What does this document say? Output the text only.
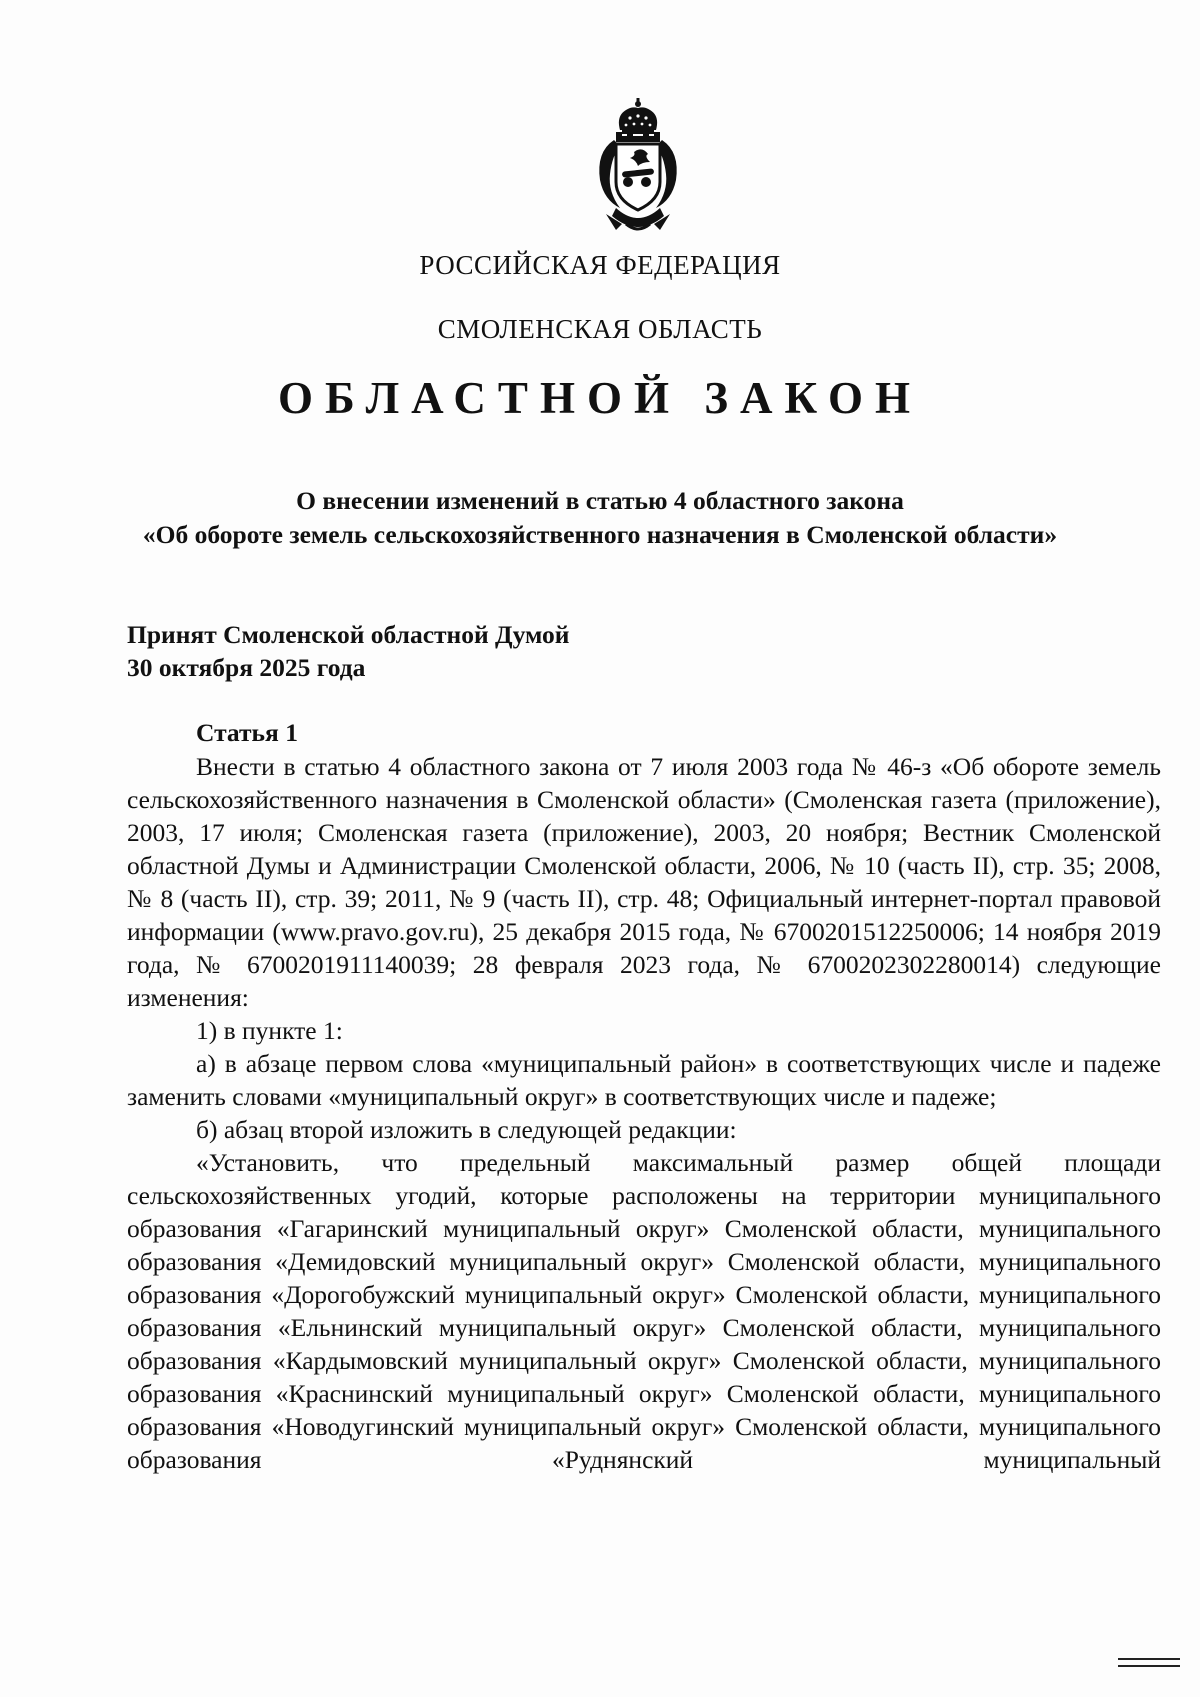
РОССИЙСКАЯ ФЕДЕРАЦИЯ
СМОЛЕНСКАЯ ОБЛАСТЬ
ОБЛАСТНОЙ ЗАКОН
О внесении изменений в статью 4 областного закона
«Об обороте земель сельскохозяйственного назначения в Смоленской области»
Принят Смоленской областной Думой
30 октября 2025 года
Статья 1

Внести в статью 4 областного закона от 7 июля 2003 года № 46-з «Об обороте земель сельскохозяйственного назначения в Смоленской области» (Смоленская газета (приложение), 2003, 17 июля; Смоленская газета (приложение), 2003, 20 ноября; Вестник Смоленской областной Думы и Администрации Смоленской области, 2006, № 10 (часть II), стр. 35; 2008, № 8 (часть II), стр. 39; 2011, № 9 (часть II), стр. 48; Официальный интернет-портал правовой информации (www.pravo.gov.ru), 25 декабря 2015 года, № 6700201512250006; 14 ноября 2019 года, № 6700201911140039; 28 февраля 2023 года, № 6700202302280014) следующие изменения:

1) в пункте 1:

а) в абзаце первом слова «муниципальный район» в соответствующих числе и падеже заменить словами «муниципальный округ» в соответствующих числе и падеже;

б) абзац второй изложить в следующей редакции:

«Установить, что предельный максимальный размер общей площади сельскохозяйственных угодий, которые расположены на территории муниципального образования «Гагаринский муниципальный округ» Смоленской области, муниципального образования «Демидовский муниципальный округ» Смоленской области, муниципального образования «Дорогобужский муниципальный округ» Смоленской области, муниципального образования «Ельнинский муниципальный округ» Смоленской области, муниципального образования «Кардымовский муниципальный округ» Смоленской области, муниципального образования «Краснинский муниципальный округ» Смоленской области, муниципального образования «Новодугинский муниципальный округ» Смоленской области, муниципального образования «Руднянский муниципальный
